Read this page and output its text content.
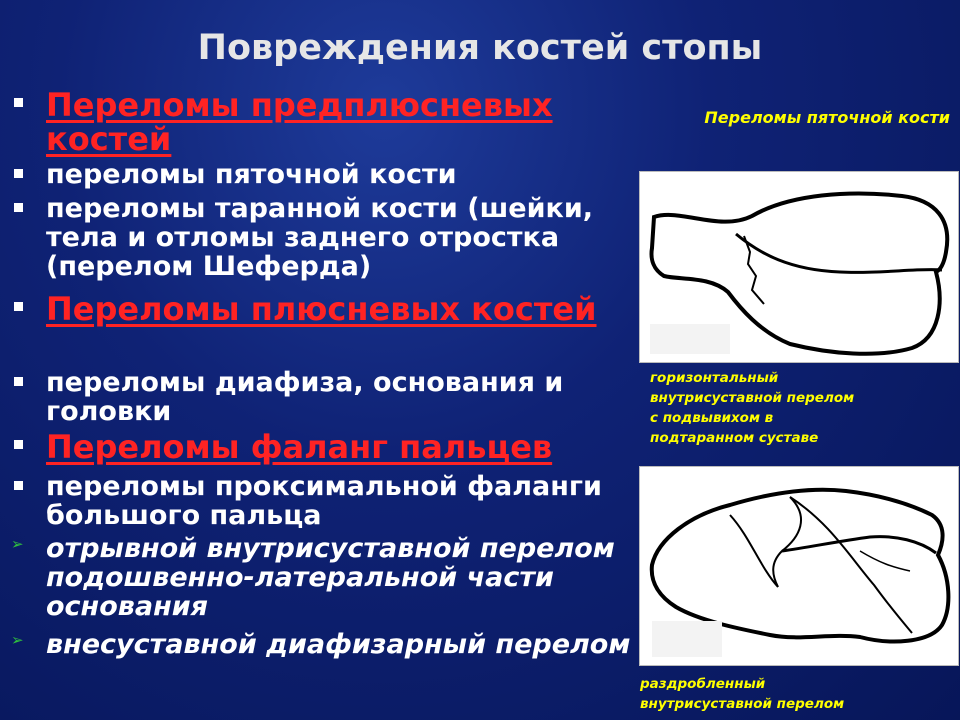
Повреждения костей стопы
Переломы предплюсневых костей
переломы пяточной кости
переломы таранной кости (шейки, тела и отломы заднего отростка (перелом Шеферда)
Переломы плюсневых костей
переломы диафиза, основания и головки
Переломы фаланг пальцев
переломы проксимальной фаланги большого пальца
отрывной внутрисуставной перелом подошвенно-латеральной части основания
внесуставной диафизарный перелом
Переломы пяточной кости
горизонтальный
внутрисуставной перелом
с подвывихом в
подтаранном суставе
раздробленный
внутрисуставной перелом
